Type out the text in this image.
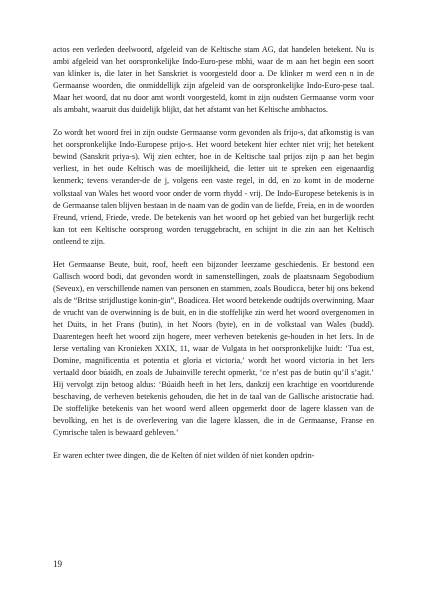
actos een verleden deelwoord, afgeleid van de Keltische stam AG, dat handelen betekent. Nu is ambi afgeleid van het oorspronkelijke Indo-Euro-pese mbhi, waar de m aan het begin een soort van klinker is, die later in het Sanskriet is voorgesteld door a. De klinker m werd een n in de Germaanse woorden, die onmiddellijk zijn afgeleid van de oorspronkelijke Indo-Euro-pese taal. Maar het woord, dat nu door amt wordt voorgesteld, komt in zijn oudsten Germaanse vorm voor als ambaht, waaruit dus duidelijk blijkt, dat het afstamt van het Keltische ambhactos.

Zo wordt het woord frei in zijn oudste Germaanse vorm gevonden als frijo-s, dat afkomstig is van het oorspronkelijke Indo-Europese prijo-s. Het woord betekent hier echter niet vrij; het betekent bewind (Sanskrit priya-s). Wij zien echter, hoe in de Keltische taal prijos zijn p aan het begin verliest, in het oude Keltisch was de moeilijkheid, die letter uit te spreken een eigenaardig kenmerk; tevens verander-de de j, volgens een vaste regel, in dd, en zo komt in de moderne volkstaal van Wales het woord voor onder de vorm rhydd - vrij. De Indo-Europese betekenis is in de Germaanse talen blijven bestaan in de naam van de godin van de liefde, Freia, en in de woorden Freund, vriend, Friede, vrede. De betekenis van het woord op het gebied van het burgerlijk recht kan tot een Keltische oorsprong worden teruggebracht, en schijnt in die zin aan het Keltisch ontleend te zijn.

Het Germaanse Beute, buit, roof, heeft een bijzonder leerzame geschiedenis. Er bestond een Gallisch woord bodi, dat gevonden wordt in samenstellingen, zoals de plaatsnaam Segobodium (Seveux), en verschillende namen van personen en stammen, zoals Boudicca, beter bij ons bekend als de “Britse strijdlustige konin-gin”, Boadicea. Het woord betekende oudtijds overwinning. Maar de vrucht van de overwinning is de buit, en in die stoffelijke zin werd het woord overgenomen in het Duits, in het Frans (butin), in het Noors (byte), en in de volkstaal van Wales (budd). Daarentegen heeft het woord zijn hogere, meer verheven betekenis ge-houden in het Iers. In de Ierse vertaling van Kronieken XXIX, 11, waar de Vulgata in het oorspronkelijke luidt: ‘Tua est, Domine, magnificentia et potentia et gloria et victoria,’ wordt het woord victoria in het Iers vertaald door búaidh, en zoals de Jubainville terecht opmerkt, ‘ce n’est pas de butin qu’il s’agit.’ Hij vervolgt zijn betoog aldus: ‘Búaidh heeft in het Iers, dankzij een krachtige en voortdurende beschaving, de verheven betekenis gehouden, die het in de taal van de Gallische aristocratie had. De stoffelijke betekenis van het woord werd alleen opgemerkt door de lagere klassen van de bevolking, en het is de overlevering van die lagere klassen, die in de Germaanse, Franse en Cymrische talen is bewaard gebleven.’

Er waren echter twee dingen, die de Kelten óf niet wilden óf niet konden opdrin-

19
